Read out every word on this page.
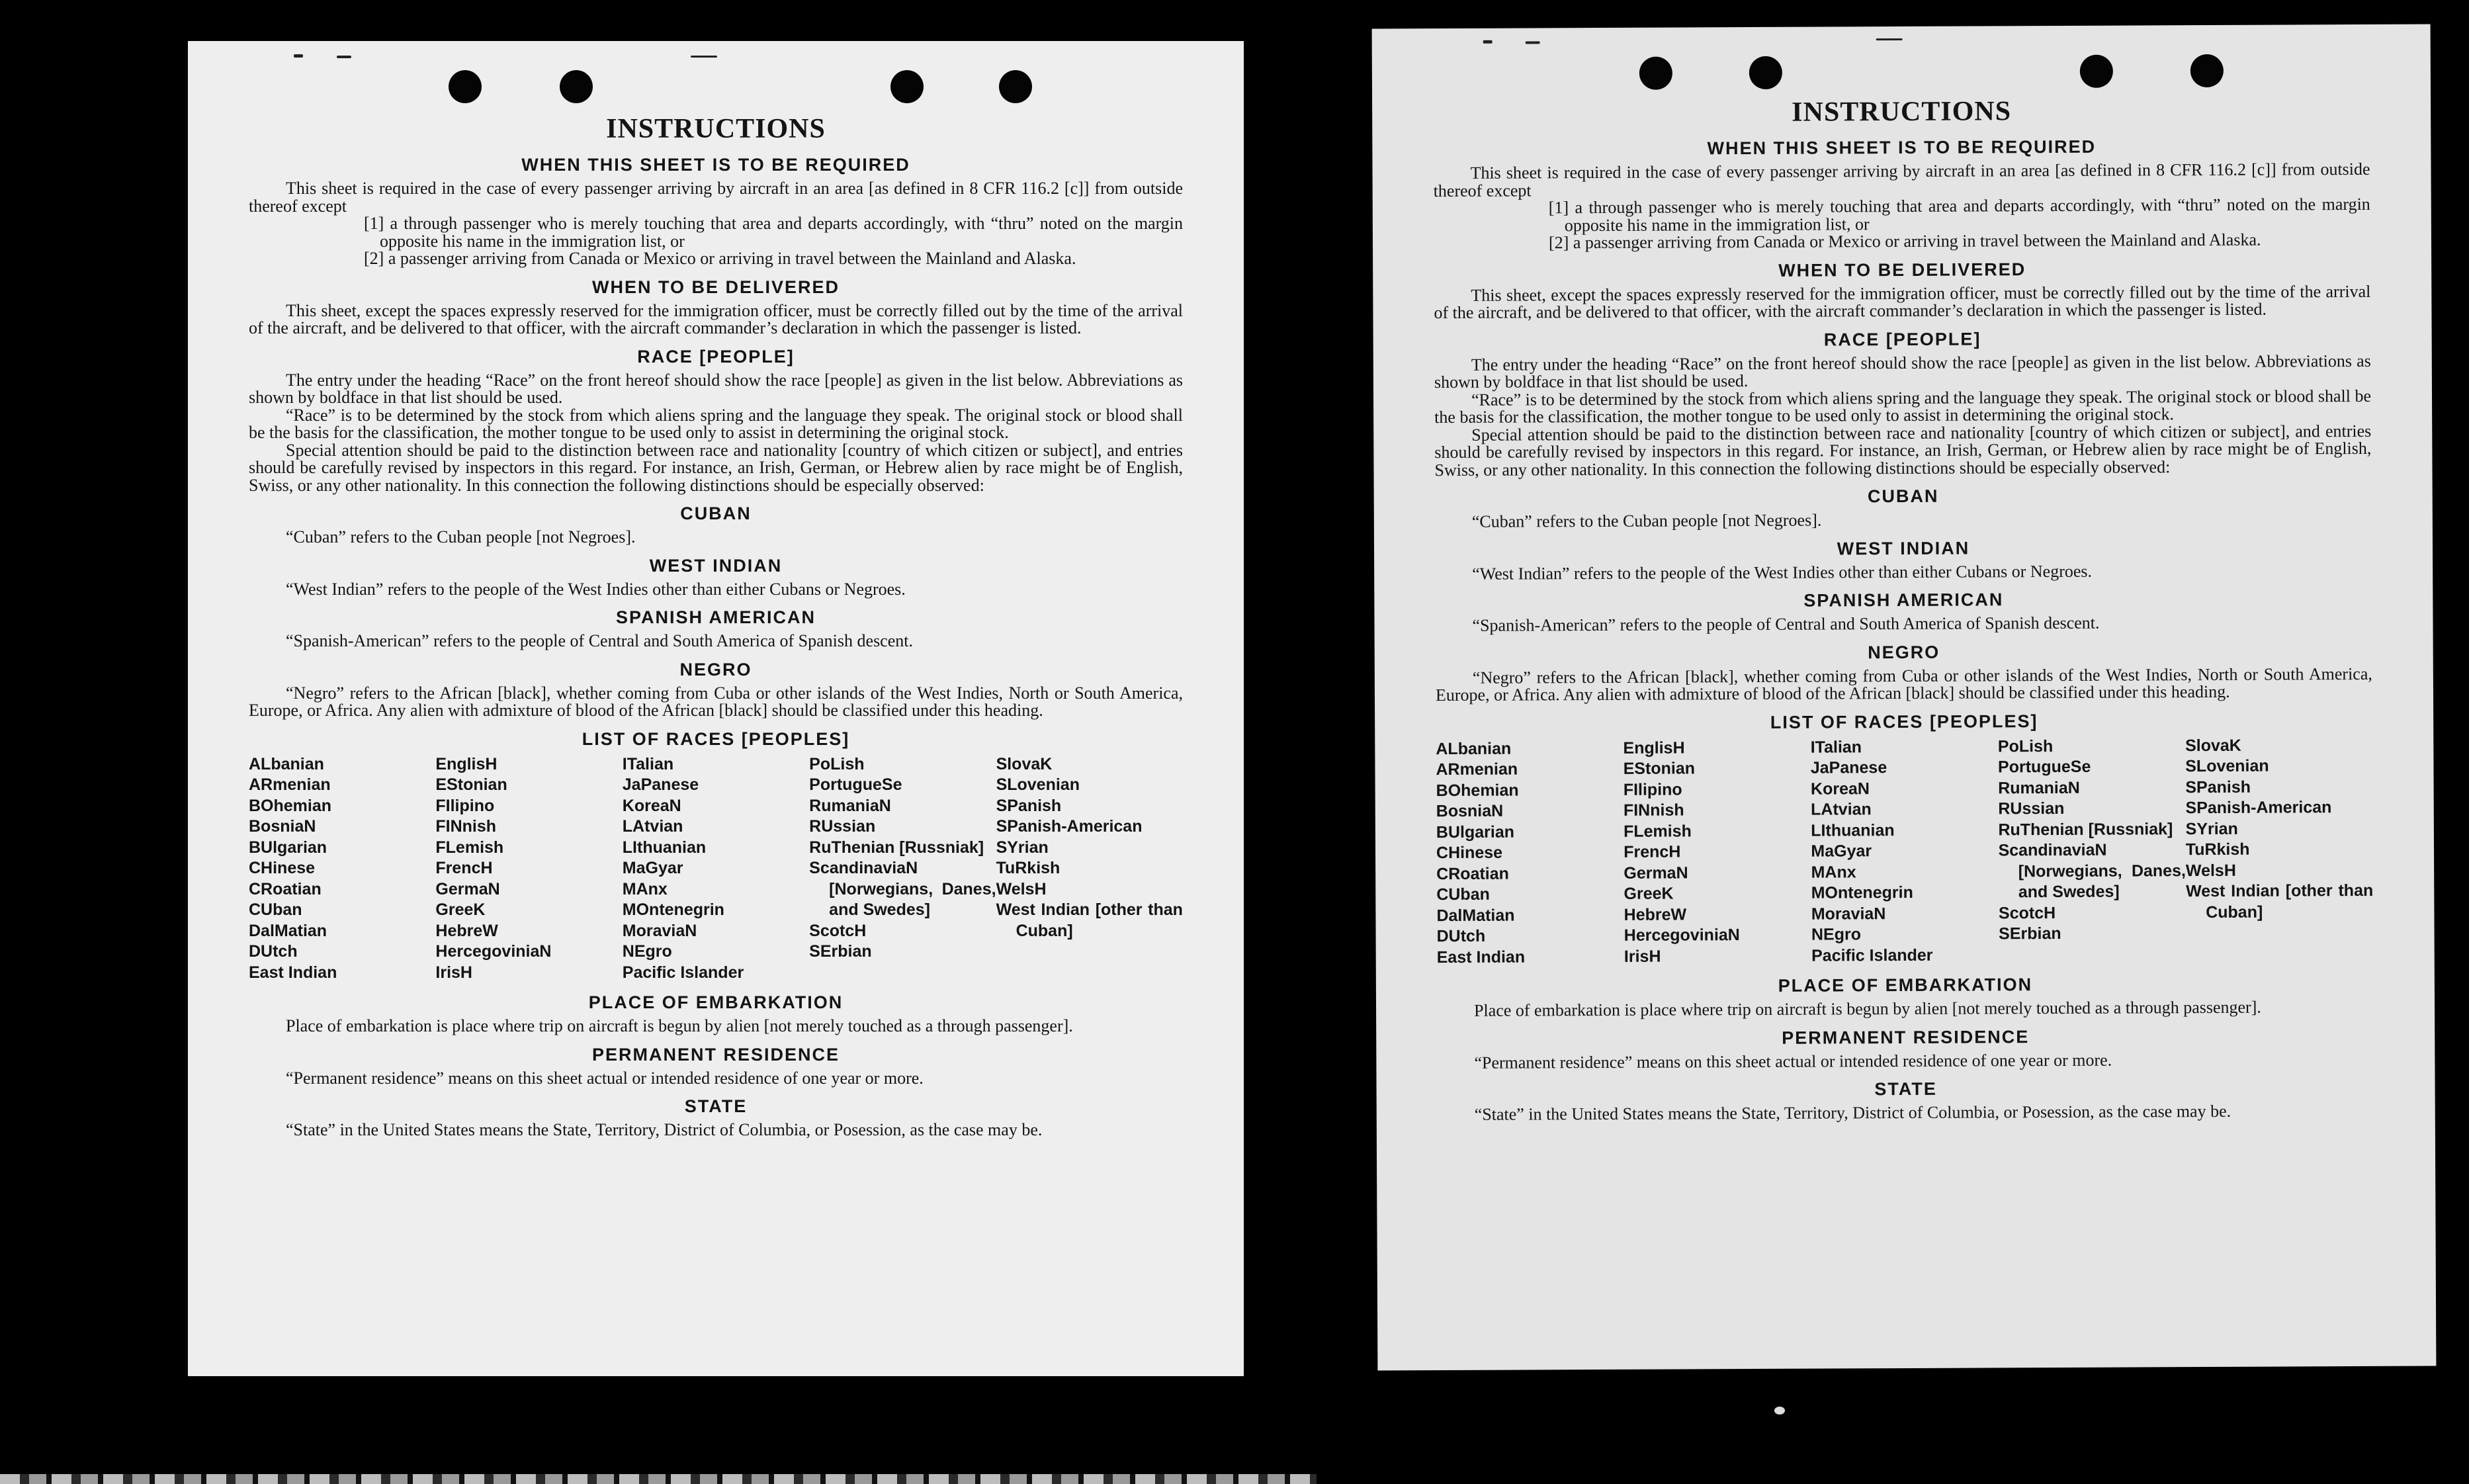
INSTRUCTIONS
WHEN THIS SHEET IS TO BE REQUIRED

This sheet is required in the case of every passenger arriving by aircraft in an area [as defined in 8 CFR 116.2 [c]] from outside thereof except

[1] a through passenger who is merely touching that area and departs accordingly, with “thru” noted on the margin opposite his name in the immigration list, or

[2] a passenger arriving from Canada or Mexico or arriving in travel between the Mainland and Alaska.

WHEN TO BE DELIVERED

This sheet, except the spaces expressly reserved for the immigration officer, must be correctly filled out by the time of the arrival of the aircraft, and be delivered to that officer, with the aircraft commander’s declaration in which the passenger is listed.

RACE [PEOPLE]

The entry under the heading “Race” on the front hereof should show the race [people] as given in the list below. Abbreviations as shown by boldface in that list should be used.

“Race” is to be determined by the stock from which aliens spring and the language they speak. The original stock or blood shall be the basis for the classification, the mother tongue to be used only to assist in determining the original stock.

Special attention should be paid to the distinction between race and nationality [country of which citizen or subject], and entries should be carefully revised by inspectors in this regard. For instance, an Irish, German, or Hebrew alien by race might be of English, Swiss, or any other nationality. In this connection the following distinctions should be especially observed:

CUBAN

“Cuban” refers to the Cuban people [not Negroes].

WEST INDIAN

“West Indian” refers to the people of the West Indies other than either Cubans or Negroes.

SPANISH AMERICAN

“Spanish-American” refers to the people of Central and South America of Spanish descent.

NEGRO

“Negro” refers to the African [black], whether coming from Cuba or other islands of the West Indies, North or South America, Europe, or Africa. Any alien with admixture of blood of the African [black] should be classified under this heading.

LIST OF RACES [PEOPLES]
ALbanian
ARmenian
BOhemian
BosniaN
BUlgarian
CHinese
CRoatian
CUban
DalMatian
DUtch
East Indian
EnglisH
EStonian
FIlipino
FINnish
FLemish
FrencH
GermaN
GreeK
HebreW
HercegoviniaN
IrisH
ITalian
JaPanese
KoreaN
LAtvian
LIthuanian
MaGyar
MAnx
MOntenegrin
MoraviaN
NEgro
Pacific Islander
PoLish
PortugueSe
RumaniaN
RUssian
RuThenian [Russniak]
ScandinaviaN [Norwegians, Danes, and Swedes]
ScotcH
SErbian
SlovaK
SLovenian
SPanish
SPanish-American
SYrian
TuRkish
WelsH
West Indian [other than Cuban]
PLACE OF EMBARKATION

Place of embarkation is place where trip on aircraft is begun by alien [not merely touched as a through passenger].

PERMANENT RESIDENCE

“Permanent residence” means on this sheet actual or intended residence of one year or more.

STATE

“State” in the United States means the State, Territory, District of Columbia, or Posession, as the case may be.

INSTRUCTIONS
WHEN THIS SHEET IS TO BE REQUIRED

This sheet is required in the case of every passenger arriving by aircraft in an area [as defined in 8 CFR 116.2 [c]] from outside thereof except

[1] a through passenger who is merely touching that area and departs accordingly, with “thru” noted on the margin opposite his name in the immigration list, or

[2] a passenger arriving from Canada or Mexico or arriving in travel between the Mainland and Alaska.

WHEN TO BE DELIVERED

This sheet, except the spaces expressly reserved for the immigration officer, must be correctly filled out by the time of the arrival of the aircraft, and be delivered to that officer, with the aircraft commander’s declaration in which the passenger is listed.

RACE [PEOPLE]

The entry under the heading “Race” on the front hereof should show the race [people] as given in the list below. Abbreviations as shown by boldface in that list should be used.

“Race” is to be determined by the stock from which aliens spring and the language they speak. The original stock or blood shall be the basis for the classification, the mother tongue to be used only to assist in determining the original stock.

Special attention should be paid to the distinction between race and nationality [country of which citizen or subject], and entries should be carefully revised by inspectors in this regard. For instance, an Irish, German, or Hebrew alien by race might be of English, Swiss, or any other nationality. In this connection the following distinctions should be especially observed:

CUBAN

“Cuban” refers to the Cuban people [not Negroes].

WEST INDIAN

“West Indian” refers to the people of the West Indies other than either Cubans or Negroes.

SPANISH AMERICAN

“Spanish-American” refers to the people of Central and South America of Spanish descent.

NEGRO

“Negro” refers to the African [black], whether coming from Cuba or other islands of the West Indies, North or South America, Europe, or Africa. Any alien with admixture of blood of the African [black] should be classified under this heading.

LIST OF RACES [PEOPLES]
ALbanian
ARmenian
BOhemian
BosniaN
BUlgarian
CHinese
CRoatian
CUban
DalMatian
DUtch
East Indian
EnglisH
EStonian
FIlipino
FINnish
FLemish
FrencH
GermaN
GreeK
HebreW
HercegoviniaN
IrisH
ITalian
JaPanese
KoreaN
LAtvian
LIthuanian
MaGyar
MAnx
MOntenegrin
MoraviaN
NEgro
Pacific Islander
PoLish
PortugueSe
RumaniaN
RUssian
RuThenian [Russniak]
ScandinaviaN [Norwegians, Danes, and Swedes]
ScotcH
SErbian
SlovaK
SLovenian
SPanish
SPanish-American
SYrian
TuRkish
WelsH
West Indian [other than Cuban]
PLACE OF EMBARKATION

Place of embarkation is place where trip on aircraft is begun by alien [not merely touched as a through passenger].

PERMANENT RESIDENCE

“Permanent residence” means on this sheet actual or intended residence of one year or more.

STATE

“State” in the United States means the State, Territory, District of Columbia, or Posession, as the case may be.
